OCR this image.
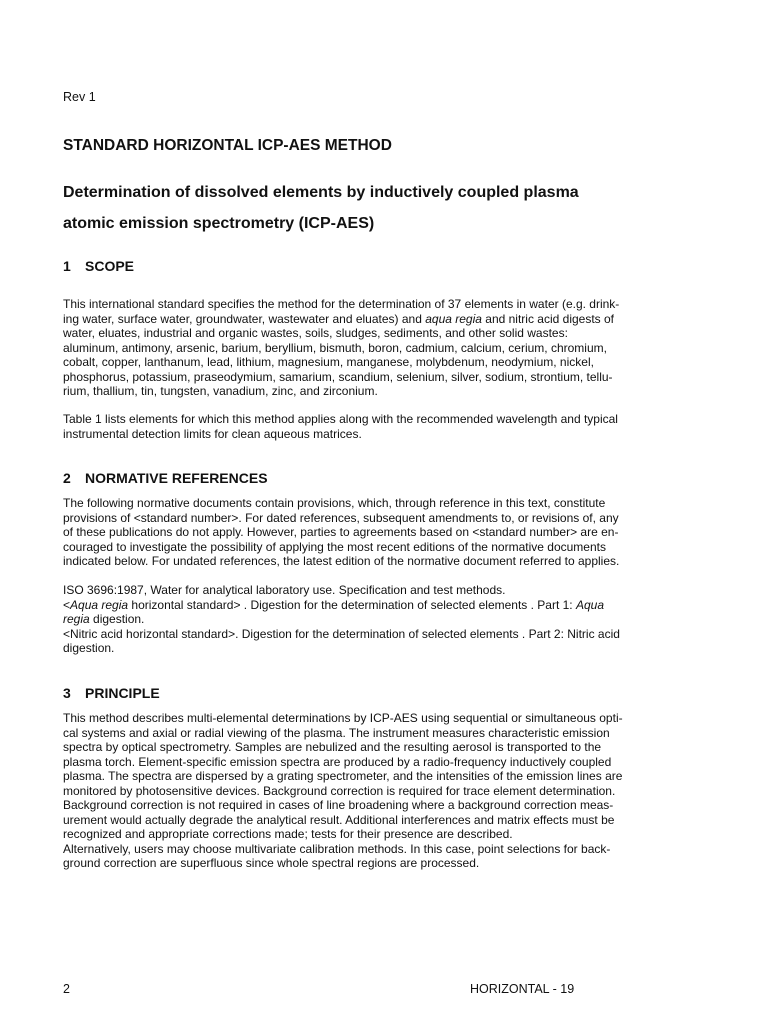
Rev 1
STANDARD HORIZONTAL ICP-AES METHOD
Determination of dissolved elements by inductively coupled plasma
atomic emission spectrometry (ICP-AES)
1 SCOPE

This international standard specifies the method for the determination of 37 elements in water (e.g. drink-
ing water, surface water, groundwater, wastewater and eluates) and aqua regia and nitric acid digests of
water, eluates, industrial and organic wastes, soils, sludges, sediments, and other solid wastes:
aluminum, antimony, arsenic, barium, beryllium, bismuth, boron, cadmium, calcium, cerium, chromium,
cobalt, copper, lanthanum, lead, lithium, magnesium, manganese, molybdenum, neodymium, nickel,
phosphorus, potassium, praseodymium, samarium, scandium, selenium, silver, sodium, strontium, tellu-
rium, thallium, tin, tungsten, vanadium, zinc, and zirconium.

Table 1 lists elements for which this method applies along with the recommended wavelength and typical
instrumental detection limits for clean aqueous matrices.

2 NORMATIVE REFERENCES

The following normative documents contain provisions, which, through reference in this text, constitute
provisions of <standard number>. For dated references, subsequent amendments to, or revisions of, any
of these publications do not apply. However, parties to agreements based on <standard number> are en-
couraged to investigate the possibility of applying the most recent editions of the normative documents
indicated below. For undated references, the latest edition of the normative document referred to applies.

ISO 3696:1987, Water for analytical laboratory use. Specification and test methods.
<Aqua regia horizontal standard> . Digestion for the determination of selected elements . Part 1: Aqua
regia digestion.
<Nitric acid horizontal standard>. Digestion for the determination of selected elements . Part 2: Nitric acid
digestion.

3 PRINCIPLE

This method describes multi-elemental determinations by ICP-AES using sequential or simultaneous opti-
cal systems and axial or radial viewing of the plasma. The instrument measures characteristic emission
spectra by optical spectrometry. Samples are nebulized and the resulting aerosol is transported to the
plasma torch. Element-specific emission spectra are produced by a radio-frequency inductively coupled
plasma. The spectra are dispersed by a grating spectrometer, and the intensities of the emission lines are
monitored by photosensitive devices. Background correction is required for trace element determination.
Background correction is not required in cases of line broadening where a background correction meas-
urement would actually degrade the analytical result. Additional interferences and matrix effects must be
recognized and appropriate corrections made; tests for their presence are described.
Alternatively, users may choose multivariate calibration methods. In this case, point selections for back-
ground correction are superfluous since whole spectral regions are processed.

2	HORIZONTAL - 19
